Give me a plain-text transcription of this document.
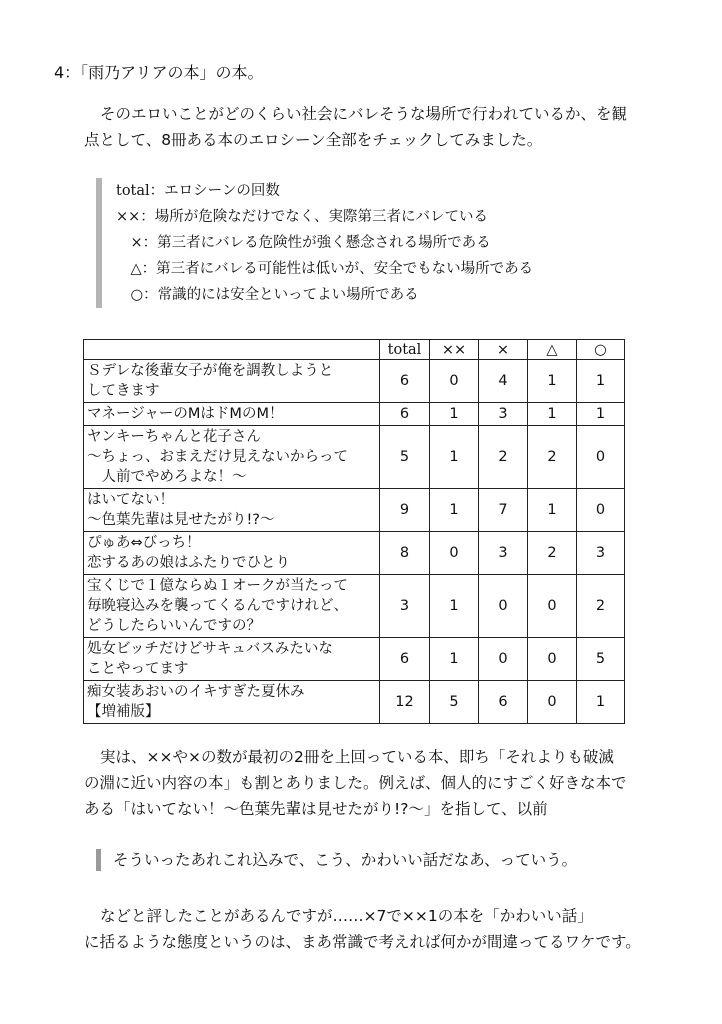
4：「雨乃アリアの本」の本。
そのエロいことがどのくらい社会にバレそうな場所で行われているか、を観
点として、8冊ある本のエロシーン全部をチェックしてみました。
total：エロシーンの回数
××：場所が危険なだけでなく、実際第三者にバレている
　×：第三者にバレる危険性が強く懸念される場所である
　△：第三者にバレる可能性は低いが、安全でもない場所である
　○：常識的には安全といってよい場所である
	total	××	×	△	○

Ｓデレな後輩女子が俺を調教しようと
してきます	6	0	4	1	1

マネージャーのMはドMのM！	6	1	3	1	1

ヤンキーちゃんと花子さん
～ちょっ、おまえだけ見えないからって
　人前でやめろよな！～	5	1	2	2	0

はいてない！
～色葉先輩は見せたがり!?～	9	1	7	1	0

ぴゅあ⇔びっち！
恋するあの娘はふたりでひとり	8	0	3	2	3

宝くじで１億ならぬ１オークが当たって
毎晩寝込みを襲ってくるんですけれど、
どうしたらいいんですの？	3	1	0	0	2

処女ビッチだけどサキュバスみたいな
ことやってます	6	1	0	0	5

痴女装あおいのイキすぎた夏休み
【増補版】	12	5	6	0	1
実は、××や×の数が最初の2冊を上回っている本、即ち「それよりも破滅
の淵に近い内容の本」も割とありました。例えば、個人的にすごく好きな本で
ある「はいてない！～色葉先輩は見せたがり!?～」を指して、以前
そういったあれこれ込みで、こう、かわいい話だなあ、っていう。
などと評したことがあるんですが‥‥‥×7で××1の本を「かわいい話」
に括るような態度というのは、まあ常識で考えれば何かが間違ってるワケです。
